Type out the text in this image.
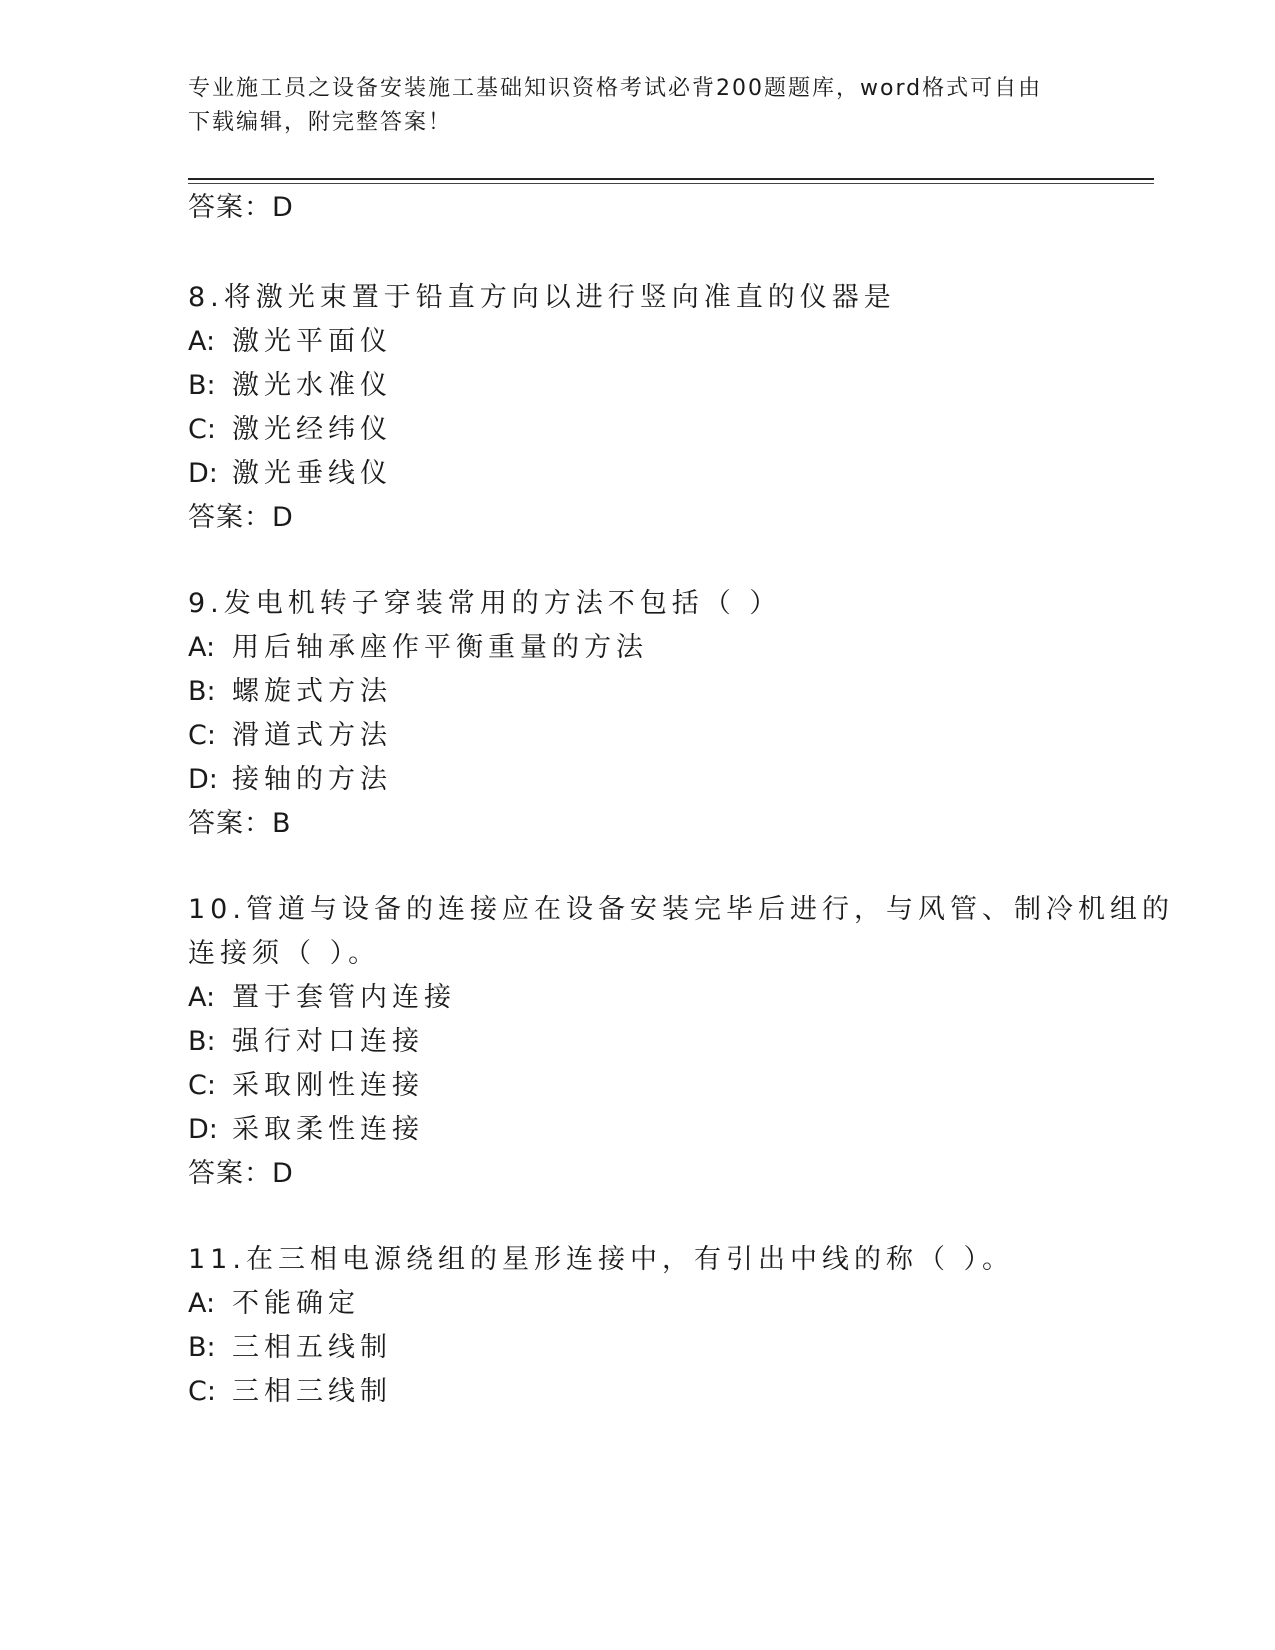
专业施工员之设备安装施工基础知识资格考试必背200题题库，word格式可自由
下载编辑，附完整答案！
答案：D
8.将激光束置于铅直方向以进行竖向准直的仪器是
A: 激光平面仪
B: 激光水准仪
C: 激光经纬仪
D: 激光垂线仪
答案：D
9.发电机转子穿装常用的方法不包括（ ）
A: 用后轴承座作平衡重量的方法
B: 螺旋式方法
C: 滑道式方法
D: 接轴的方法
答案：B
10.管道与设备的连接应在设备安装完毕后进行，与风管、制冷机组的
连接须（ ）。
A: 置于套管内连接
B: 强行对口连接
C: 采取刚性连接
D: 采取柔性连接
答案：D
11.在三相电源绕组的星形连接中，有引出中线的称（ ）。
A: 不能确定
B: 三相五线制
C: 三相三线制
